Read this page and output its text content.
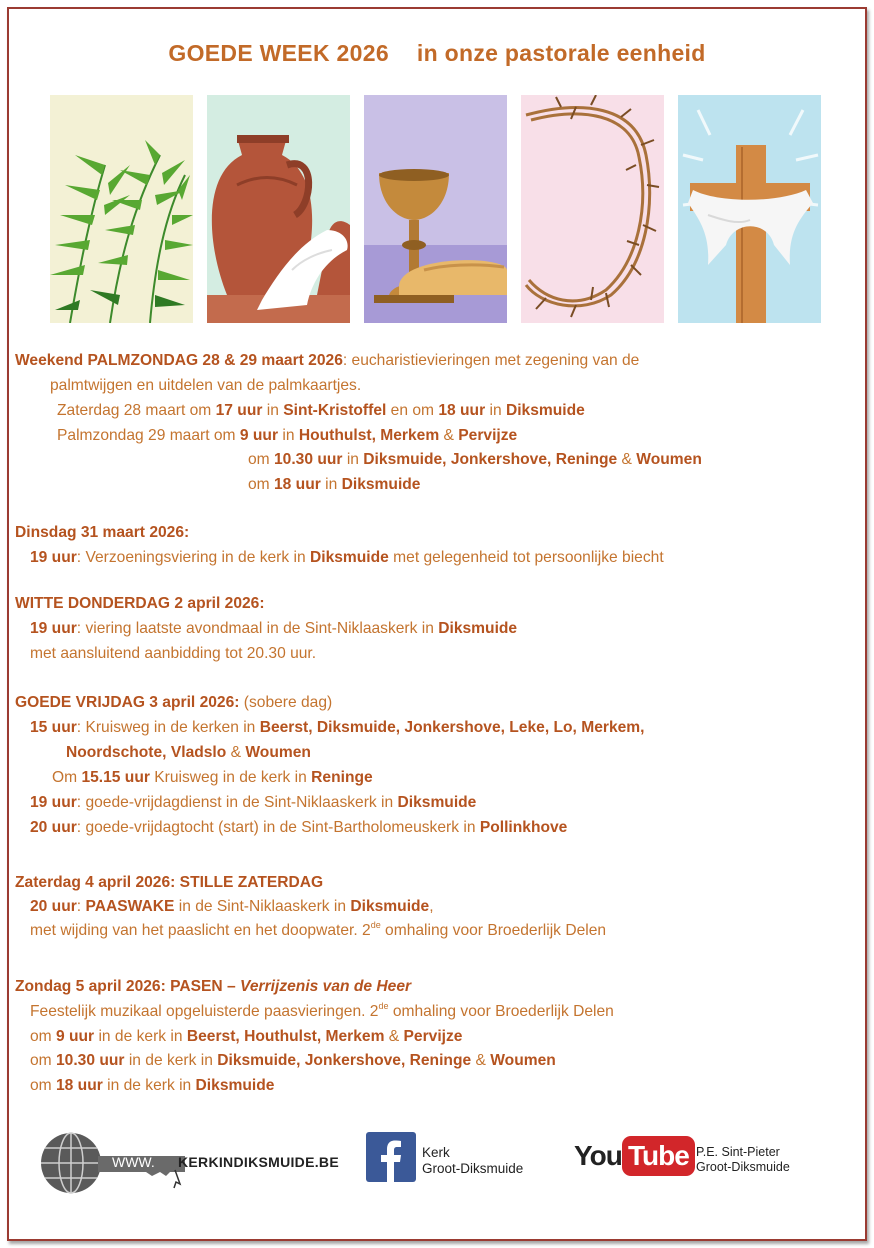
GOEDE WEEK 2026 in onze pastorale eenheid
Weekend PALMZONDAG 28 & 29 maart 2026: eucharistievieringen met zegening van de
palmtwijgen en uitdelen van de palmkaartjes.
Zaterdag 28 maart om 17 uur in Sint-Kristoffel en om 18 uur in Diksmuide
Palmzondag 29 maart om 9 uur in Houthulst, Merkem & Pervijze
om 10.30 uur in Diksmuide, Jonkershove, Reninge & Woumen
om 18 uur in Diksmuide
Dinsdag 31 maart 2026:
19 uur: Verzoeningsviering in de kerk in Diksmuide met gelegenheid tot persoonlijke biecht
WITTE DONDERDAG 2 april 2026:
19 uur: viering laatste avondmaal in de Sint-Niklaaskerk in Diksmuide
met aansluitend aanbidding tot 20.30 uur.
GOEDE VRIJDAG 3 april 2026: (sobere dag)
15 uur: Kruisweg in de kerken in Beerst, Diksmuide, Jonkershove, Leke, Lo, Merkem,
Noordschote, Vladslo & Woumen
Om 15.15 uur Kruisweg in de kerk in Reninge
19 uur: goede-vrijdagdienst in de Sint-Niklaaskerk in Diksmuide
20 uur: goede-vrijdagtocht (start) in de Sint-Bartholomeuskerk in Pollinkhove
Zaterdag 4 april 2026: STILLE ZATERDAG
20 uur: PAASWAKE in de Sint-Niklaaskerk in Diksmuide,
met wijding van het paaslicht en het doopwater. 2de omhaling voor Broederlijk Delen
Zondag 5 april 2026: PASEN – Verrijzenis van de Heer
Feestelijk muzikaal opgeluisterde paasvieringen. 2de omhaling voor Broederlijk Delen
om 9 uur in de kerk in Beerst, Houthulst, Merkem & Pervijze
om 10.30 uur in de kerk in Diksmuide, Jonkershove, Reninge & Woumen
om 18 uur in de kerk in Diksmuide
WWW. KERKINDIKSMUIDE.BE
Kerk
Groot-Diksmuide You Tube P.E. Sint-Pieter
Groot-Diksmuide
